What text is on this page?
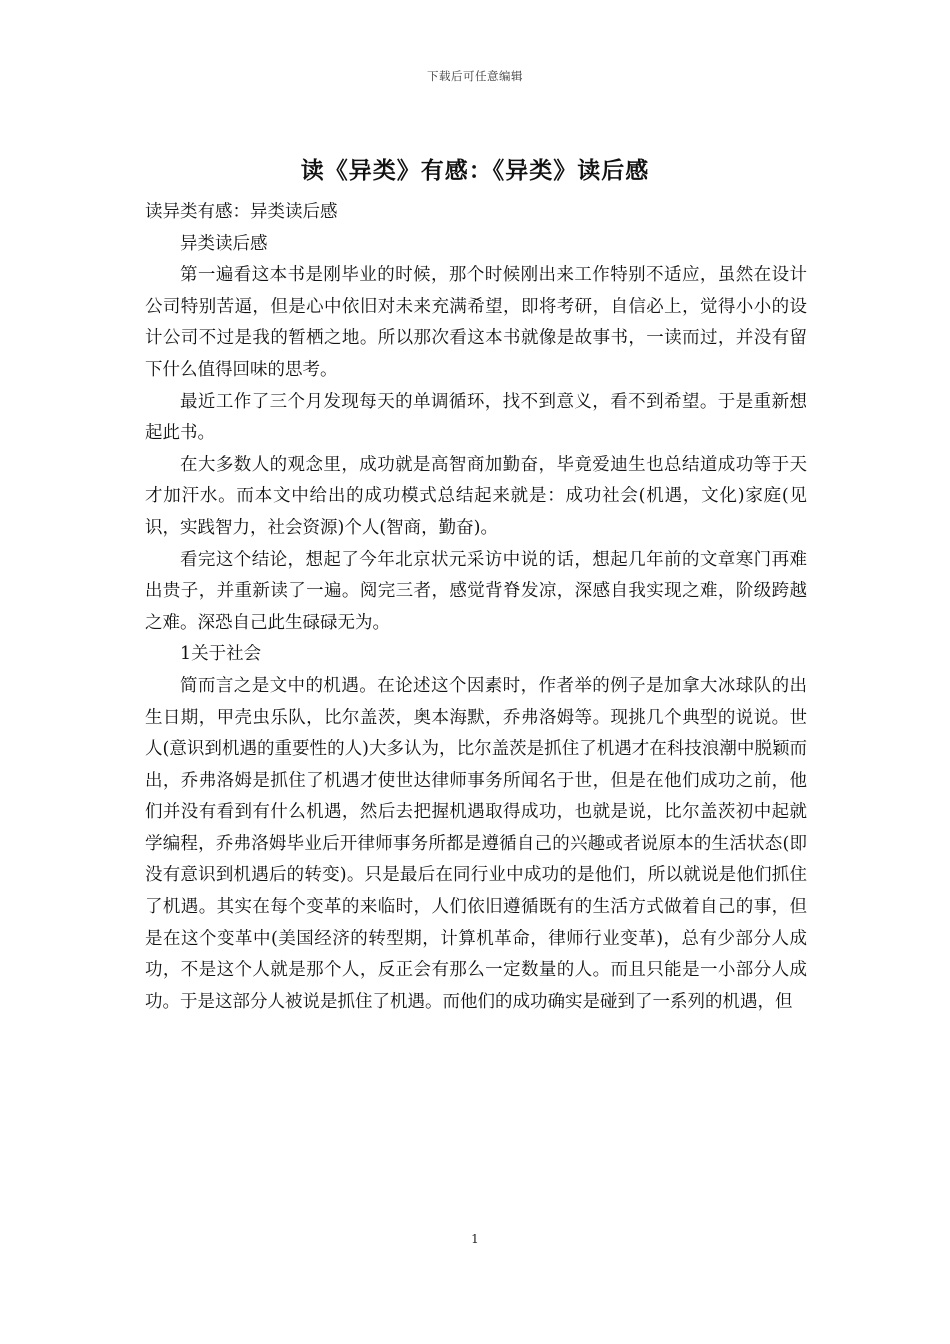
下载后可任意编辑
读《异类》有感：《异类》读后感

读异类有感：异类读后感

异类读后感

第一遍看这本书是刚毕业的时候，那个时候刚出来工作特别不适应，虽然在设计公司特别苦逼，但是心中依旧对未来充满希望，即将考研，自信必上，觉得小小的设计公司不过是我的暂栖之地。所以那次看这本书就像是故事书，一读而过，并没有留下什么值得回味的思考。

最近工作了三个月发现每天的单调循环，找不到意义，看不到希望。于是重新想起此书。

在大多数人的观念里，成功就是高智商加勤奋，毕竟爱迪生也总结道成功等于天才加汗水。而本文中给出的成功模式总结起来就是：成功社会(机遇，文化)家庭(见识，实践智力，社会资源)个人(智商，勤奋)。

看完这个结论，想起了今年北京状元采访中说的话，想起几年前的文章寒门再难出贵子，并重新读了一遍。阅完三者，感觉背脊发凉，深感自我实现之难，阶级跨越之难。深恐自己此生碌碌无为。

1关于社会

简而言之是文中的机遇。在论述这个因素时，作者举的例子是加拿大冰球队的出生日期，甲壳虫乐队，比尔盖茨，奥本海默，乔弗洛姆等。现挑几个典型的说说。世人(意识到机遇的重要性的人)大多认为，比尔盖茨是抓住了机遇才在科技浪潮中脱颖而出，乔弗洛姆是抓住了机遇才使世达律师事务所闻名于世，但是在他们成功之前，他们并没有看到有什么机遇，然后去把握机遇取得成功，也就是说，比尔盖茨初中起就学编程，乔弗洛姆毕业后开律师事务所都是遵循自己的兴趣或者说原本的生活状态(即没有意识到机遇后的转变)。只是最后在同行业中成功的是他们，所以就说是他们抓住了机遇。其实在每个变革的来临时，人们依旧遵循既有的生活方式做着自己的事，但是在这个变革中(美国经济的转型期，计算机革命，律师行业变革)，总有少部分人成功，不是这个人就是那个人，反正会有那么一定数量的人。而且只能是一小部分人成功。于是这部分人被说是抓住了机遇。而他们的成功确实是碰到了一系列的机遇，但

1
